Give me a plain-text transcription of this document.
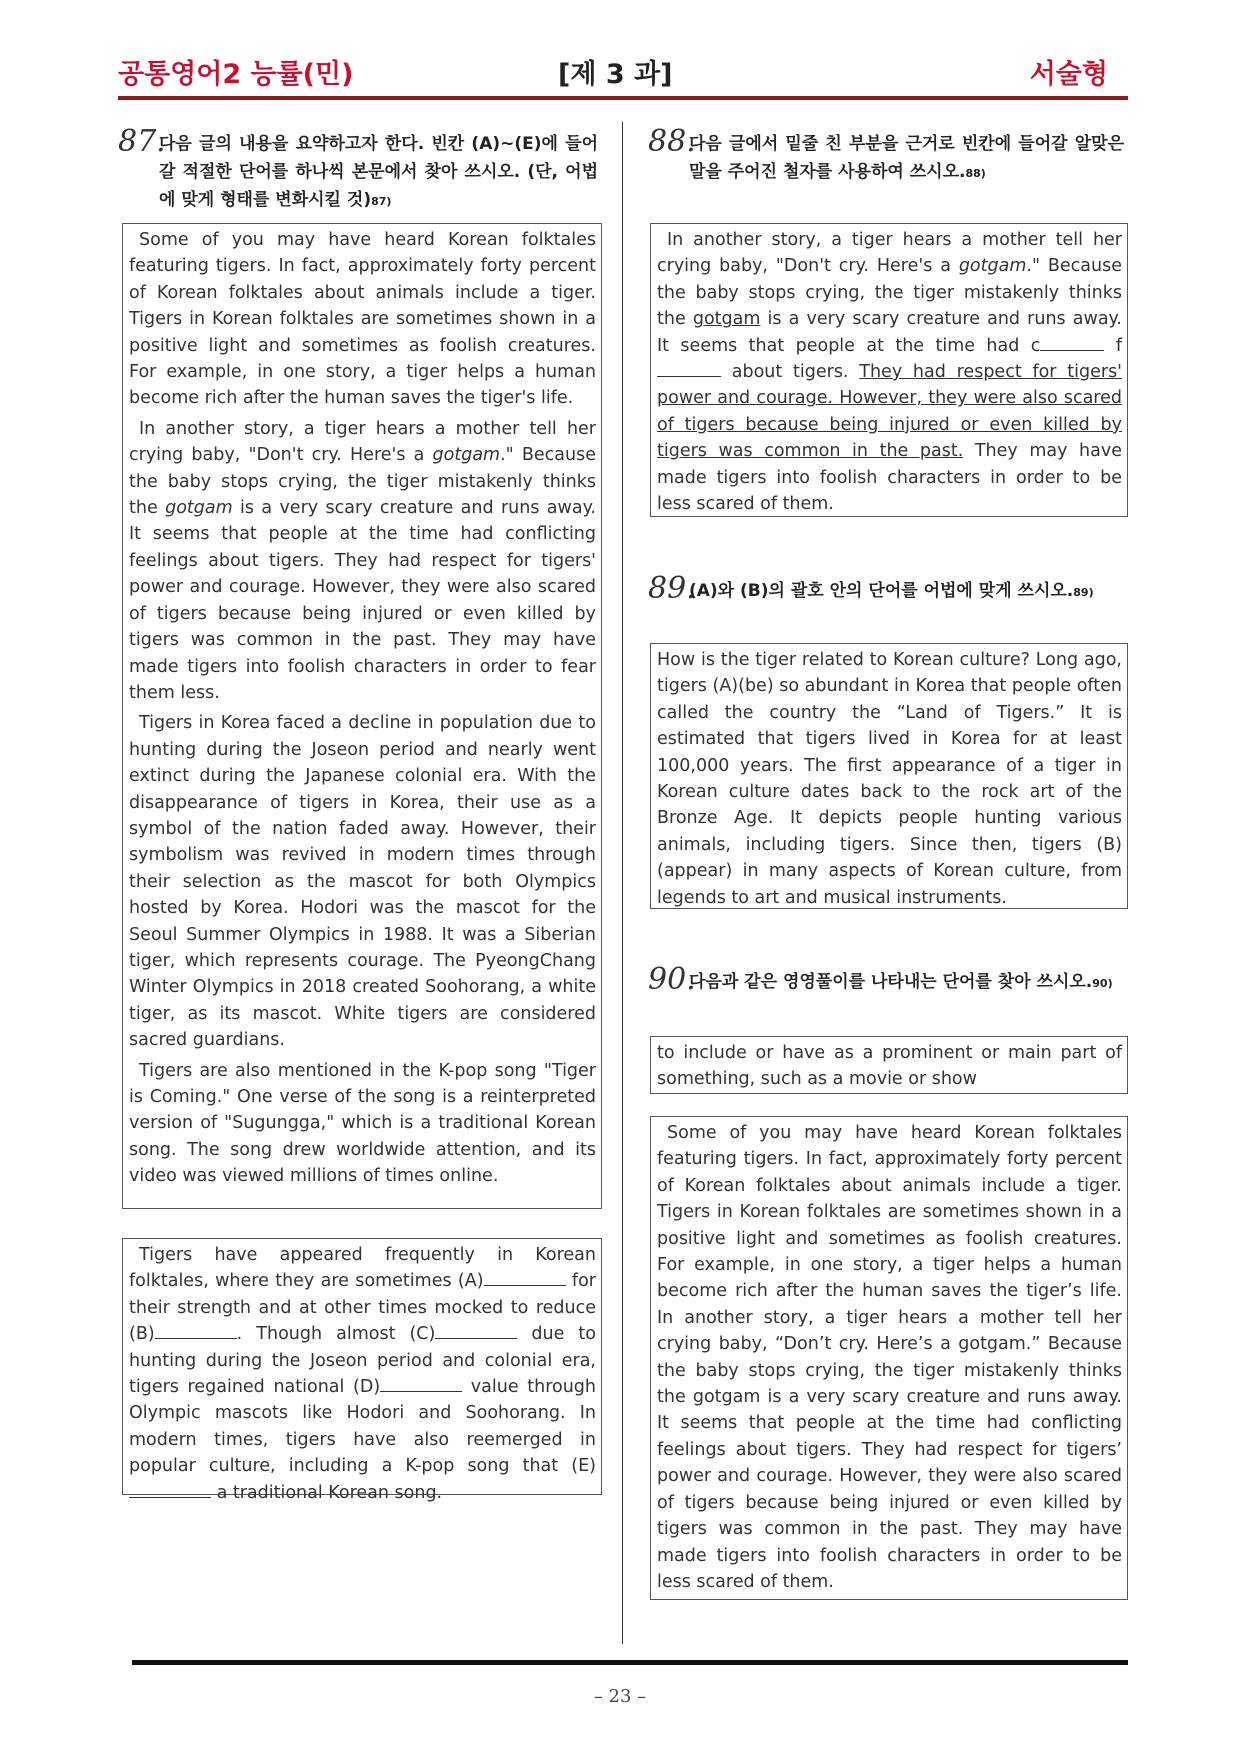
공통영어2 능률(민)	[제 3 과]	서술형
87.
다음 글의 내용을 요약하고자 한다. 빈칸 (A)~(E)에 들어갈 적절한 단어를 하나씩 본문에서 찾아 쓰시오. (단, 어법에 맞게 형태를 변화시킬 것)87)

Some of you may have heard Korean folktales featuring tigers. In fact, approximately forty percent of Korean folktales about animals include a tiger. Tigers in Korean folktales are sometimes shown in a positive light and sometimes as foolish creatures. For example, in one story, a tiger helps a human become rich after the human saves the tiger's life.

In another story, a tiger hears a mother tell her crying baby, "Don't cry. Here's a gotgam." Because the baby stops crying, the tiger mistakenly thinks the gotgam is a very scary creature and runs away. It seems that people at the time had conflicting feelings about tigers. They had respect for tigers' power and courage. However, they were also scared of tigers because being injured or even killed by tigers was common in the past. They may have made tigers into foolish characters in order to fear them less.

Tigers in Korea faced a decline in population due to hunting during the Joseon period and nearly went extinct during the Japanese colonial era. With the disappearance of tigers in Korea, their use as a symbol of the nation faded away. However, their symbolism was revived in modern times through their selection as the mascot for both Olympics hosted by Korea. Hodori was the mascot for the Seoul Summer Olympics in 1988. It was a Siberian tiger, which represents courage. The PyeongChang Winter Olympics in 2018 created Soohorang, a white tiger, as its mascot. White tigers are considered sacred guardians.

Tigers are also mentioned in the K-pop song "Tiger is Coming." One verse of the song is a reinterpreted version of "Sugungga," which is a traditional Korean song. The song drew worldwide attention, and its video was viewed millions of times online.

Tigers have appeared frequently in Korean folktales, where they are sometimes (A)	for their strength and at other times mocked to reduce (B)	. Though almost (C)	due to hunting during the Joseon period and colonial era, tigers regained national (D)	value through Olympic mascots like Hodori and Soohorang. In modern times, tigers have also reemerged in popular culture, including a K-pop song that (E) a traditional Korean song.

88.
다음 글에서 밑줄 친 부분을 근거로 빈칸에 들어갈 알맞은 말을 주어진 철자를 사용하여 쓰시오.88)

In another story, a tiger hears a mother tell her crying baby, "Don't cry. Here's a gotgam." Because the baby stops crying, the tiger mistakenly thinks the gotgam is a very scary creature and runs away. It seems that people at the time had c	f about tigers. They had respect for tigers' power and courage. However, they were also scared of tigers because being injured or even killed by tigers was common in the past. They may have made tigers into foolish characters in order to be less scared of them.

89.
(A)와 (B)의 괄호 안의 단어를 어법에 맞게 쓰시오.89)

How is the tiger related to Korean culture? Long ago, tigers (A)(be) so abundant in Korea that people often called the country the “Land of Tigers.” It is estimated that tigers lived in Korea for at least 100,000 years. The first appearance of a tiger in Korean culture dates back to the rock art of the Bronze Age. It depicts people hunting various animals, including tigers. Since then, tigers (B)(appear) in many aspects of Korean culture, from legends to art and musical instruments.

90.
다음과 같은 영영풀이를 나타내는 단어를 찾아 쓰시오.90)

to include or have as a prominent or main part of something, such as a movie or show

Some of you may have heard Korean folktales featuring tigers. In fact, approximately forty percent of Korean folktales about animals include a tiger. Tigers in Korean folktales are sometimes shown in a positive light and sometimes as foolish creatures. For example, in one story, a tiger helps a human become rich after the human saves the tiger’s life. In another story, a tiger hears a mother tell her crying baby, “Don’t cry. Here’s a gotgam.” Because the baby stops crying, the tiger mistakenly thinks the gotgam is a very scary creature and runs away. It seems that people at the time had conflicting feelings about tigers. They had respect for tigers’ power and courage. However, they were also scared of tigers because being injured or even killed by tigers was common in the past. They may have made tigers into foolish characters in order to be less scared of them.

– 23 –
